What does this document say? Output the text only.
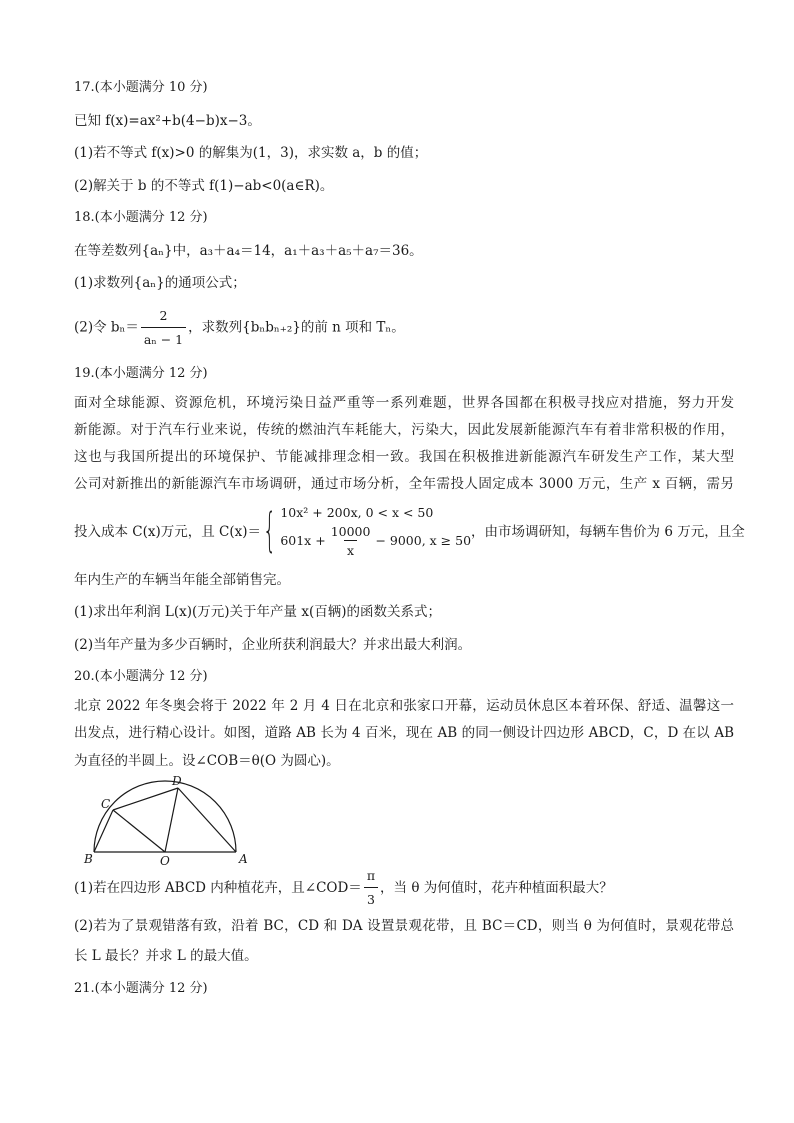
17.(本小题满分 10 分)
已知 f(x)=ax²+b(4−b)x−3。
(1)若不等式 f(x)>0 的解集为(1，3)，求实数 a，b 的值；
(2)解关于 b 的不等式 f(1)−ab<0(a∈R)。
18.(本小题满分 12 分)
在等差数列{aₙ}中，a₃＋a₄＝14，a₁＋a₃＋a₅＋a₇＝36。
(1)求数列{aₙ}的通项公式；
(2)令 $b_n= \frac{2}{\text{aₙ − 1}}$ ，求数列{bₙbₙ₊₂}的前 n 项和 Tₙ。
19.(本小题满分 12 分)
面对全球能源、资源危机，环境污染日益严重等一系列难题，世界各国都在积极寻找应对措施，努力开发
新能源。对于汽车行业来说，传统的燃油汽车耗能大，污染大，因此发展新能源汽车有着非常积极的作用，
这也与我国所提出的环境保护、节能减排理念相一致。我国在积极推进新能源汽车研发生产工作，某大型
公司对新推出的新能源汽车市场调研，通过市场分析，全年需投人固定成本 3000 万元，生产 x 百辆，需另
投入成本 C(x)万元，且 C(x)＝ { 10x² + 200x, 0 < x < 50
$601x + \frac{10000}{x} - 9000$, x ≥ 50
，由市场调研知，每辆车售价为 6 万元，且全
年内生产的车辆当年能全部销售完。
(1)求出年利润 L(x)(万元)关于年产量 x(百辆)的函数关系式；
(2)当年产量为多少百辆时，企业所获利润最大？并求出最大利润。
20.(本小题满分 12 分)
北京 2022 年冬奥会将于 2022 年 2 月 4 日在北京和张家口开幕，运动员休息区本着环保、舒适、温馨这一
出发点，进行精心设计。如图，道路 AB 长为 4 百米，现在 AB 的同一侧设计四边形 ABCD，C，D 在以 AB
为直径的半圆上。设∠COB＝θ(O 为圆心)。
B	O	A
C
D
(1)若在四边形 ABCD 内种植花卉，且∠COD＝ $\frac{\pi}{3}$ ，当 θ 为何值时，花卉种植面积最大？
(2)若为了景观错落有致，沿着 BC，CD 和 DA 设置景观花带，且 BC＝CD，则当 θ 为何值时，景观花带总
长 L 最长？并求 L 的最大值。
21.(本小题满分 12 分)
